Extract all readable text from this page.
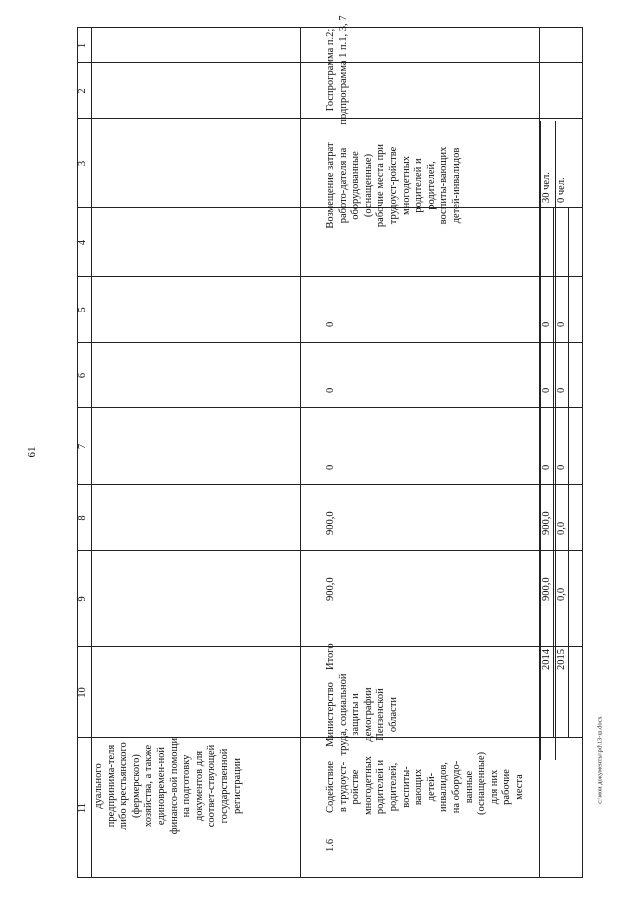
61
11
10
9
8
7
6
5
4
3
2
1
дуального предпринима-теля либо крестьянского (фермерского) хозяйства, а также единовремен-ной финансо-вой помощи на подготовку документов для соответ-ствующей государственной регистрации
1.6
Содействие в трудоуст-ройстве многодетных родителей и родителей, воспиты-вающих детей-инвалидов, на оборудо-ванные (оснащенные) для них рабочие места
Министерство труда, социальной защиты и демографии Пензенской области
Итого
900,0
900,0
0
0
0
Возмещение затрат работо-дателя на оборудованные (оснащенные) рабочие места при трудоуст-ройстве многодетных родителей и родителей, воспиты-вающих детей-инвалидов
Госпрограмма п.2; подпрограмма 1 п.1, 3, 7
2014
900,0
900,0
0
0
0
30 чел.
2015
0,0
0,0
0
0
0
0 чел.
c:\мои документы\pd\13-ш.docx
